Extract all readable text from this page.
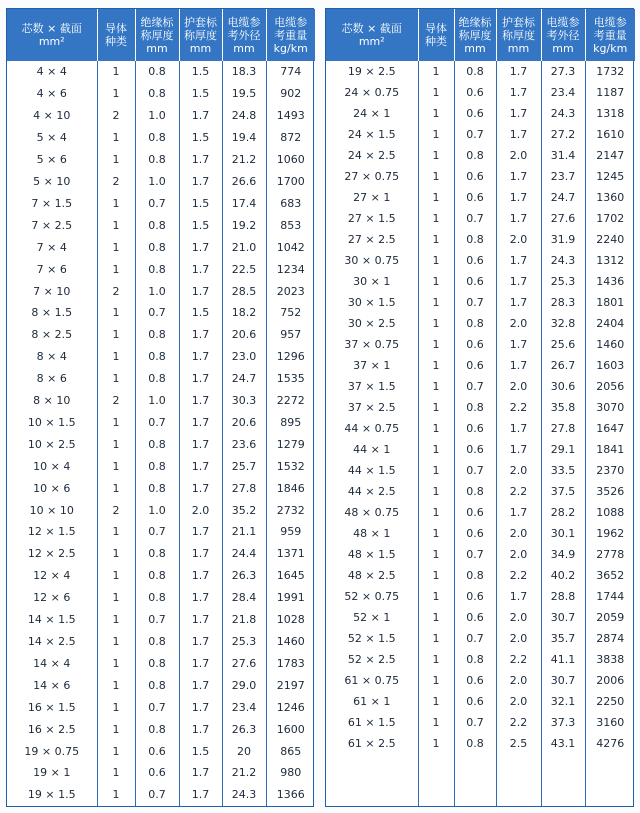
芯数 × 截面
mm²	导体
种类	绝缘标
称厚度
mm	护套标
称厚度
mm	电缆参
考外径
mm	电缆参
考重量
kg/km

4 × 4	1	0.8	1.5	18.3	774
4 × 6	1	0.8	1.5	19.5	902
4 × 10	2	1.0	1.7	24.8	1493
5 × 4	1	0.8	1.5	19.4	872
5 × 6	1	0.8	1.7	21.2	1060
5 × 10	2	1.0	1.7	26.6	1700
7 × 1.5	1	0.7	1.5	17.4	683
7 × 2.5	1	0.8	1.5	19.2	853
7 × 4	1	0.8	1.7	21.0	1042
7 × 6	1	0.8	1.7	22.5	1234
7 × 10	2	1.0	1.7	28.5	2023
8 × 1.5	1	0.7	1.5	18.2	752
8 × 2.5	1	0.8	1.7	20.6	957
8 × 4	1	0.8	1.7	23.0	1296
8 × 6	1	0.8	1.7	24.7	1535
8 × 10	2	1.0	1.7	30.3	2272
10 × 1.5	1	0.7	1.7	20.6	895
10 × 2.5	1	0.8	1.7	23.6	1279
10 × 4	1	0.8	1.7	25.7	1532
10 × 6	1	0.8	1.7	27.8	1846
10 × 10	2	1.0	2.0	35.2	2732
12 × 1.5	1	0.7	1.7	21.1	959
12 × 2.5	1	0.8	1.7	24.4	1371
12 × 4	1	0.8	1.7	26.3	1645
12 × 6	1	0.8	1.7	28.4	1991
14 × 1.5	1	0.7	1.7	21.8	1028
14 × 2.5	1	0.8	1.7	25.3	1460
14 × 4	1	0.8	1.7	27.6	1783
14 × 6	1	0.8	1.7	29.0	2197
16 × 1.5	1	0.7	1.7	23.4	1246
16 × 2.5	1	0.8	1.7	26.3	1600
19 × 0.75	1	0.6	1.5	20	865
19 × 1	1	0.6	1.7	21.2	980
19 × 1.5	1	0.7	1.7	24.3	1366
芯数 × 截面
mm²	导体
种类	绝缘标
称厚度
mm	护套标
称厚度
mm	电缆参
考外径
mm	电缆参
考重量
kg/km

19 × 2.5	1	0.8	1.7	27.3	1732
24 × 0.75	1	0.6	1.7	23.4	1187
24 × 1	1	0.6	1.7	24.3	1318
24 × 1.5	1	0.7	1.7	27.2	1610
24 × 2.5	1	0.8	2.0	31.4	2147
27 × 0.75	1	0.6	1.7	23.7	1245
27 × 1	1	0.6	1.7	24.7	1360
27 × 1.5	1	0.7	1.7	27.6	1702
27 × 2.5	1	0.8	2.0	31.9	2240
30 × 0.75	1	0.6	1.7	24.3	1312
30 × 1	1	0.6	1.7	25.3	1436
30 × 1.5	1	0.7	1.7	28.3	1801
30 × 2.5	1	0.8	2.0	32.8	2404
37 × 0.75	1	0.6	1.7	25.6	1460
37 × 1	1	0.6	1.7	26.7	1603
37 × 1.5	1	0.7	2.0	30.6	2056
37 × 2.5	1	0.8	2.2	35.8	3070
44 × 0.75	1	0.6	1.7	27.8	1647
44 × 1	1	0.6	1.7	29.1	1841
44 × 1.5	1	0.7	2.0	33.5	2370
44 × 2.5	1	0.8	2.2	37.5	3526
48 × 0.75	1	0.6	1.7	28.2	1088
48 × 1	1	0.6	2.0	30.1	1962
48 × 1.5	1	0.7	2.0	34.9	2778
48 × 2.5	1	0.8	2.2	40.2	3652
52 × 0.75	1	0.6	1.7	28.8	1744
52 × 1	1	0.6	2.0	30.7	2059
52 × 1.5	1	0.7	2.0	35.7	2874
52 × 2.5	1	0.8	2.2	41.1	3838
61 × 0.75	1	0.6	2.0	30.7	2006
61 × 1	1	0.6	2.0	32.1	2250
61 × 1.5	1	0.7	2.2	37.3	3160
61 × 2.5	1	0.8	2.5	43.1	4276
